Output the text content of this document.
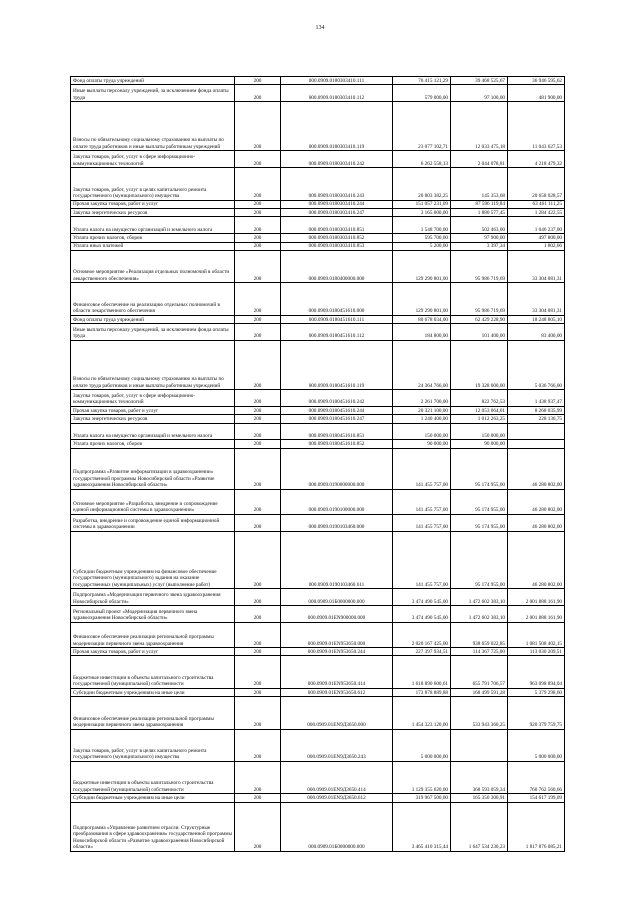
134
Фонд оплаты труда учреждений	200	000.0909.0180303410.111	76 415 121,29	39 468 525,67	36 946 595,62
Иные выплаты персоналу учреждений, за исключением фонда оплаты труда	200	000.0909.0180303410.112	579 000,00	97 100,00	481 900,00
Взносы по обязательному социальному страхованию на выплаты по оплате труда работников и иные выплаты работникам учреждений	200	000.0909.0180303410.119	23 077 102,71	12 033 475,18	11 043 627,53
Закупка товаров, работ, услуг в сфере информационно-коммуникационных технологий	200	000.0909.0180303410.242	6 262 558,13	2 044 078,81	4 218 479,32
Закупка товаров, работ, услуг в целях капитального ремонта государственного (муниципального) имущества	200	000.0909.0180303410.243	20 803 382,25	145 353,68	20 658 028,57
Прочая закупка товаров, работ и услуг	200	000.0909.0180303410.244	151 057 231,09	87 596 119,84	63 461 111,25
Закупка энергетических ресурсов	200	000.0909.0180303410.247	3 165 000,00	1 880 577,45	1 284 422,55
Уплата налога на имущество организаций и земельного налога	200	000.0909.0180303410.851	1 548 700,00	502 463,00	1 046 237,00
Уплата прочих налогов, сборов	200	000.0909.0180303410.852	595 700,00	97 900,00	497 800,00
Уплата иных платежей	200	000.0909.0180303410.853	5 200,00	3 397,34	1 802,66
Основное мероприятие «Реализация отдельных полномочий в области лекарственного обеспечения»	200	000.0909.0180400000.000	129 290 801,00	95 986 719,69	33 304 081,31
Финансовое обеспечение на реализацию отдельных полномочий в области лекарственного обеспечения	200	000.0909.0180451610.000	129 290 801,00	95 986 719,69	33 304 081,31
Фонд оплаты труда учреждений	200	000.0909.0180451610.111	80 678 034,00	62 429 228,90	18 248 805,10
Иные выплаты персоналу учреждений, за исключением фонда оплаты труда	200	000.0909.0180451610.112	184 800,00	101 400,00	83 400,00
Взносы по обязательному социальному страхованию на выплаты по оплате труда работников и иные выплаты работникам учреждений	200	000.0909.0180451610.119	24 364 766,00	19 328 000,00	5 036 766,00
Закупка товаров, работ, услуг в сфере информационно-коммуникационных технологий	200	000.0909.0180451610.242	2 261 700,00	822 762,53	1 438 937,47
Прочая закупка товаров, работ и услуг	200	000.0909.0180451610.244	20 321 100,00	12 053 064,01	8 268 035,99
Закупка энергетических ресурсов	200	000.0909.0180451610.247	1 240 400,00	1 012 263,25	228 136,75
Уплата налога на имущество организаций и земельного налога	200	000.0909.0180451610.851	150 000,00	150 000,00	
Уплата прочих налогов, сборов	200	000.0909.0180451610.852	90 000,00	90 000,00	
Подпрограмма «Развитие информатизации в здравоохранении» государственной программы Новосибирской области «Развитие здравоохранения Новосибирской области»	200	000.0909.0190000000.000	141 455 757,00	95 174 955,00	46 280 802,00
Основное мероприятие «Разработка, внедрение и сопровождение единой информационной системы в здравоохранении»	200	000.0909.0190100000.000	141 455 757,00	95 174 955,00	46 280 802,00
Разработка, внедрение и сопровождение единой информационной системы в здравоохранении	200	000.0909.0190103460.000	141 455 757,00	95 174 955,00	46 280 802,00
Субсидии бюджетным учреждениям на финансовое обеспечение государственного (муниципального) задания на оказание государственных (муниципальных) услуг (выполнение работ)	200	000.0909.0190103460.611	141 455 757,00	95 174 955,00	46 280 802,00
Подпрограмма «Модернизация первичного звена здравоохранения Новосибирской области»	200	000.0909.01Б0000000.000	3 474 490 545,00	1 472 602 383,10	2 001 888 161,90
Региональный проект «Модернизация первичного звена здравоохранения Новосибирской области»	200	000.0909.01ЕN900000.000	3 474 490 545,00	1 472 602 383,10	2 001 888 161,90
Финансовое обеспечение реализации региональной программы модернизации первичного звена здравоохранения	200	000.0909.01ЕN953650.000	2 020 167 425,00	938 659 022,85	1 081 508 402,15
Прочая закупка товаров, работ и услуг	200	000.0909.01ЕN953650.244	227 397 934,51	114 367 725,00	113 030 209,51
Бюджетные инвестиции в объекты капитального строительства государственной (муниципальной) собственности	200	000.0909.01ЕN953650.414	1 618 890 600,61	655 791 706,57	963 098 894,04
Субсидии бюджетным учреждениям на иные цели	200	000.0909.01ЕN953650.612	173 878 889,88	168 499 591,28	5 379 298,60
Финансовое обеспечение реализации региональной программы модернизации первичного звена здравоохранения	200	000.0909.01ЕN9Д3650.000	1 454 323 120,00	533 943 360,25	920 379 759,75
Закупка товаров, работ, услуг в целях капитального ремонта государственного (муниципального) имущества	200	000.0909.01ЕN9Д3650.243	5 000 000,00		5 000 000,00
Бюджетные инвестиции в объекты капитального строительства государственной (муниципальной) собственности	200	000.0909.01ЕN9Д3650.414	1 129 355 620,00	368 593 059,34	760 762 560,66
Субсидии бюджетным учреждениям на иные цели	200	000.0909.01ЕN9Д3650.612	319 967 500,00	165 350 300,91	154 617 199,09
Подпрограмма «Управление развитием отрасли. Структурные преобразования в сфере здравоохранения» государственной программы Новосибирской области «Развитие здравоохранения Новосибирской области»	200	000.0909.01Б0000000.000	3 465 410 315,44	1 647 534 230,23	1 817 876 085,21
